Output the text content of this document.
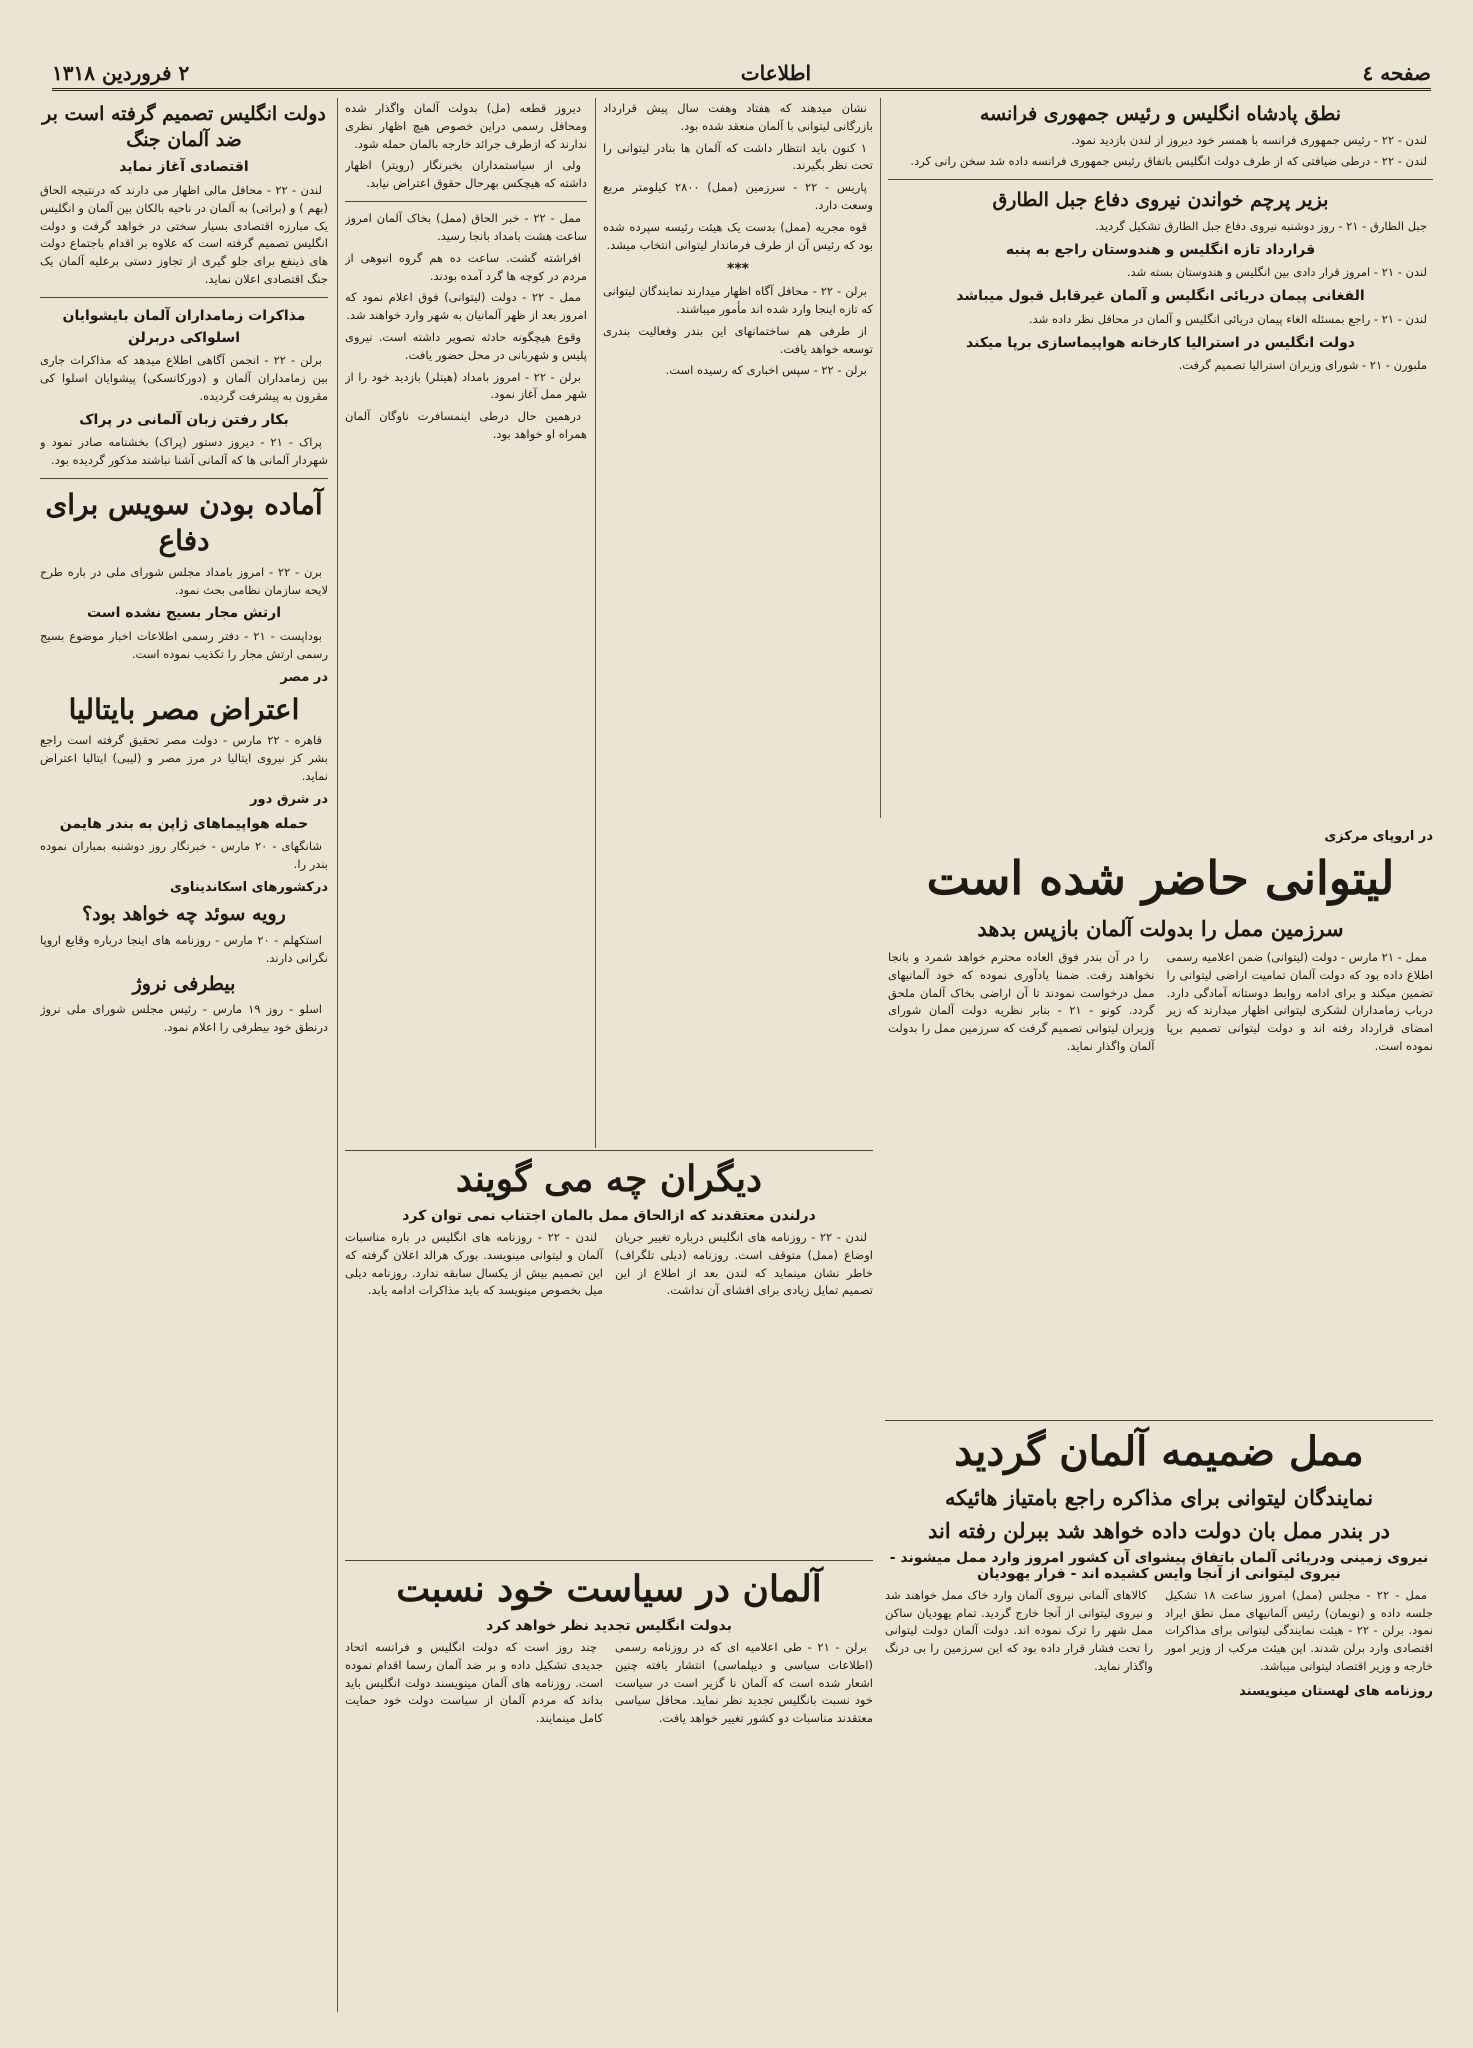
صفحه ٤
اطلاعات
۲ فروردین ۱۳۱۸
دولت انگلیس تصمیم گرفته است بر ضد آلمان جنگ
اقتصادی آغاز نماید

لندن - ۲۲ - محافل مالی اظهار می دارند که درنتیجه الحاق (بهم ) و (براتی) به آلمان در ناحیه بالکان بین آلمان و انگلیس یک مبارزه اقتصادی بسیار سختی در خواهد گرفت و دولت انگلیس تصمیم گرفته است که علاوه بر اقدام باجتماع دولت های ذینفع برای جلو گیری از تجاوز دستی برعلیه آلمان یک جنگ اقتصادی اعلان نماید.

مذاکرات زمامداران آلمان بایشوایان اسلواکی دربرلن

برلن - ۲۲ - انجمن آگاهی اطلاع میدهد که مذاکرات جاری بین زمامداران آلمان و (دورکانسکی) پیشوایان اسلوا کی مقرون به پیشرفت گردیده.

بکار رفتن زبان آلمانی در پراک

پراک - ۲۱ - دیروز دستور (پراک) بخشنامه صادر نمود و شهردار آلمانی ها که آلمانی آشنا نباشند مذکور گردیده بود.

آماده بودن سویس برای دفاع

برن - ۲۲ - امروز بامداد مجلس شورای ملی در باره طرح لایحه سازمان نظامی بحث نمود.

ارتش مجار بسیج نشده است

بوداپست - ۲۱ - دفتر رسمی اطلاعات اخبار موضوع بسیج رسمی ارتش مجار را تکذیب نموده است.

در مصر
اعتراض مصر بایتالیا

قاهره - ۲۲ مارس - دولت مصر تحقیق گرفته است راجع بشر کز نیروی ایتالیا در مرز مصر و (لیبی) ایتالیا اعتراض نماید.

در شرق دور
حمله هواپیماهای ژاپن به بندر هایمن

شانگهای - ۲۰ مارس - خبرنگار روز دوشنبه بمباران نموده بندر را.

درکشورهای اسکاندیناوی
رویه سوئد چه خواهد بود؟

استکهلم - ۲۰ مارس - روزنامه های اینجا درباره وقایع اروپا نگرانی دارند.

بیطرفی نروژ

اسلو - روز ۱۹ مارس - رئیس مجلس شورای ملی نروژ درنطق خود بیطرفی را اعلام نمود.

دیروز قطعه (مل) بدولت آلمان واگذار شده ومحافل رسمی دراین خصوص هیچ اظهار نظری ندارند که ازطرف جرائد خارجه بالمان حمله شود.

ولی از سیاستمداران بخبرنگار (رویتر) اظهار داشته که هیچکس بهرحال حقوق اعتراض نیابد.

ممل - ۲۲ - خبر الحاق (ممل) بخاک آلمان امروز ساعت هشت بامداد بانجا رسید.

افراشته گشت. ساعت ده هم گروه انبوهی از مردم در کوچه ها گرد آمده بودند.

ممل - ۲۲ - دولت (لیتوانی) فوق اعلام نمود که امروز بعد از ظهر آلمانیان به شهر وارد خواهند شد.

وقوع هیچگونه حادثه تصویر داشته است. نیروی پلیس و شهربانی در محل حضور یافت.

برلن - ۲۲ - امروز بامداد (هیتلر) بازدید خود را از شهر ممل آغاز نمود.

درهمین حال درطی اینمسافرت ناوگان آلمان همراه او خواهد بود.

نشان میدهند که هفتاد وهفت سال پیش قرارداد بازرگانی لیتوانی با آلمان منعقد شده بود.

۱ کنون باید انتظار داشت که آلمان ها بنادر لیتوانی را تحت نظر بگیرند.

پاریس - ۲۲ - سرزمین (ممل) ۲۸۰۰ کیلومتر مربع وسعت دارد.

قوه مجریه (ممل) بدست یک هیئت رئیسه سپرده شده بود که رئیس آن از طرف فرماندار لیتوانی انتخاب میشد.

***

برلن - ۲۲ - محافل آگاه اظهار میدارند نمایندگان لیتوانی که تازه اینجا وارد شده اند مأمور میباشند.

از طرفی هم ساختمانهای این بندر وفعالیت بندری توسعه خواهد یافت.

برلن - ۲۲ - سپس اخباری که رسیده است.

نطق پادشاه انگلیس و رئیس جمهوری فرانسه

لندن - ۲۲ - رئیس جمهوری فرانسه با همسر خود دیروز از لندن بازدید نمود.

لندن - ۲۲ - درطی ضیافتی که از طرف دولت انگلیس باتفاق رئیس جمهوری فرانسه داده شد سخن رانی کرد.

بزیر پرچم خواندن نیروی دفاع جبل الطارق

جبل الطارق - ۲۱ - روز دوشنبه نیروی دفاع جبل الطارق تشکیل گردید.

قرارداد تازه انگلیس و هندوستان راجع به پنبه

لندن - ۲۱ - امروز قرار دادی بین انگلیس و هندوستان بسته شد.

الفغانی پیمان دریائی انگلیس و آلمان غیرقابل قبول میباشد

لندن - ۲۱ - راجع بمسئله الغاء پیمان دریائی انگلیس و آلمان در محافل نظر داده شد.

دولت انگلیس در استرالیا کارخانه هواپیماسازی برپا میکند

ملبورن - ۲۱ - شورای وزیران استرالیا تصمیم گرفت.

در اروپای مرکزی
لیتوانی حاضر شده است
سرزمین ممل را بدولت آلمان بازپس بدهد

ممل - ۲۱ مارس - دولت (لیتوانی) ضمن اعلامیه رسمی اطلاع داده بود که دولت آلمان تمامیت اراضی لیتوانی را تضمین میکند و برای ادامه روابط دوستانه آمادگی دارد. درباب زمامداران لشکری لیتوانی اظهار میدارند که زیر امضای قرارداد رفته اند و دولت لیتوانی تصمیم برپا نموده است.

را در آن بندر فوق العاده محترم خواهد شمرد و بانجا نخواهند رفت. ضمنا یادآوری نموده که خود آلمانیهای ممل درخواست نمودند تا آن اراضی بخاک آلمان ملحق گردد. کونو - ۲۱ - بنابر نظریه دولت آلمان شورای وزیران لیتوانی تصمیم گرفت که سرزمین ممل را بدولت آلمان واگذار نماید.

دیگران چه می گویند
درلندن معتقدند که ازالحاق ممل بالمان اجتناب نمی توان کرد

لندن - ۲۲ - روزنامه های انگلیس درباره تغییر جریان اوضاع (ممل) متوقف است. روزنامه (دیلی تلگراف) خاطر نشان مینماید که لندن بعد از اطلاع از این تصمیم تمایل زیادی برای افشای آن نداشت.

لندن - ۲۲ - روزنامه های انگلیس در باره مناسبات آلمان و لیتوانی مینویسد. بورک هرالد اعلان گرفته که این تصمیم بیش از یکسال سابقه ندارد. روزنامه دیلی میل بخصوص مینویسد که باید مذاکرات ادامه یابد.

آلمان در سیاست خود نسبت
بدولت انگلیس تجدید نظر خواهد کرد

برلن - ۲۱ - طی اعلامیه ای که در روزنامه رسمی (اطلاعات سیاسی و دیپلماسی) انتشار یافته چنین اشعار شده است که آلمان نا گزیر است در سیاست خود نسبت بانگلیس تجدید نظر نماید. محافل سیاسی معتقدند مناسبات دو کشور تغییر خواهد یافت.

چند روز است که دولت انگلیس و فرانسه اتحاد جدیدی تشکیل داده و بر ضد آلمان رسما اقدام نموده است. روزنامه های آلمان مینویسند دولت انگلیس باید بداند که مردم آلمان از سیاست دولت خود حمایت کامل مینمایند.

ممل ضمیمه آلمان گردید
نمایندگان لیتوانی برای مذاکره راجع بامتیاز هائیکه
در بندر ممل بان دولت داده خواهد شد ببرلن رفته اند
نیروی زمینی ودریائی آلمان باتفاق پیشوای آن کشور امروز وارد ممل میشوند - نیروی لیتوانی از آنجا وایس کشیده اند - فرار یهودیان

ممل - ۲۲ - مجلس (ممل) امروز ساعت ۱۸ تشکیل جلسه داده و (نویمان) رئیس آلمانیهای ممل نطق ایراد نمود. برلن - ۲۲ - هیئت نمایندگی لیتوانی برای مذاکرات اقتصادی وارد برلن شدند. این هیئت مرکب از وزیر امور خارجه و وزیر اقتصاد لیتوانی میباشد.

کالاهای آلمانی نیروی آلمان وارد خاک ممل خواهند شد و نیروی لیتوانی از آنجا خارج گردید. تمام یهودیان ساکن ممل شهر را ترک نموده اند. دولت آلمان دولت لیتوانی را تحت فشار قرار داده بود که این سرزمین را بی درنگ واگذار نماید.

روزنامه های لهستان مینویسند
